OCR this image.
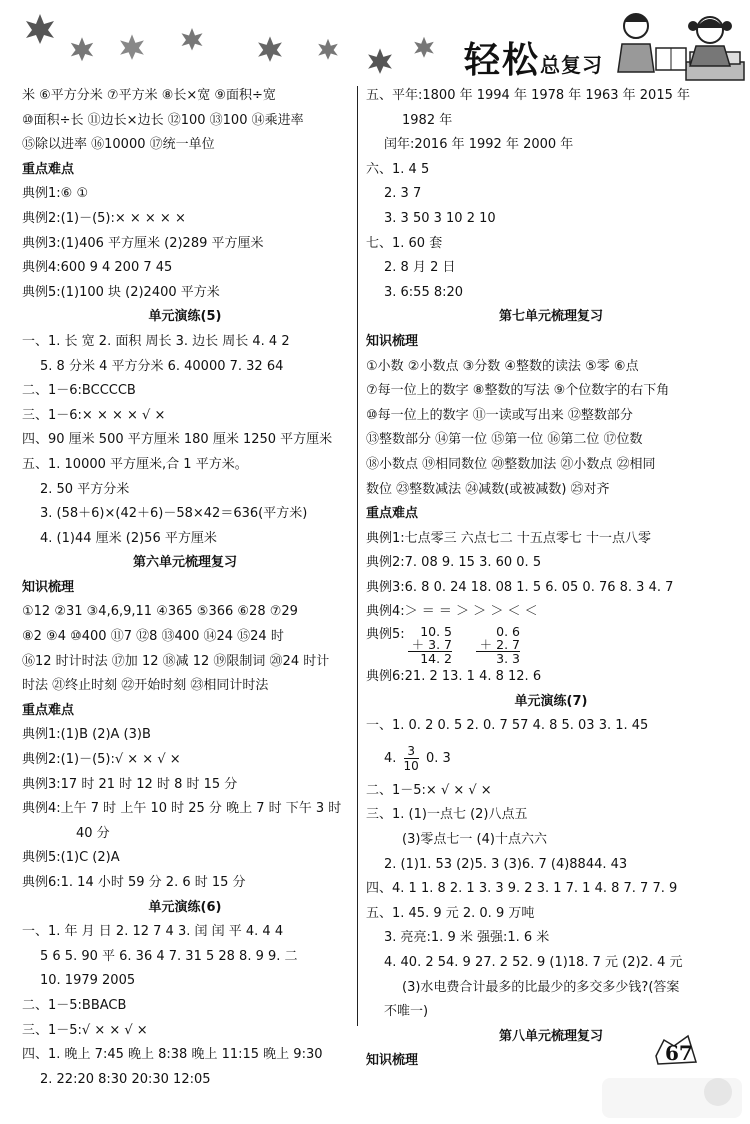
轻松总复习
米 ⑥平方分米 ⑦平方米 ⑧长×宽 ⑨面积÷宽
⑩面积÷长 ⑪边长×边长 ⑫100 ⑬100 ⑭乘进率
⑮除以进率 ⑯10000 ⑰统一单位
重点难点
典例1:⑥ ①
典例2:(1)－(5):× × × × ×
典例3:(1)406 平方厘米 (2)289 平方厘米
典例4:600 9 4 200 7 45
典例5:(1)100 块 (2)2400 平方米
单元演练(5)
一、1. 长 宽 2. 面积 周长 3. 边长 周长 4. 4 2
5. 8 分米 4 平方分米 6. 40000 7. 32 64
二、1－6:BCCCCB
三、1－6:× × × × √ ×
四、90 厘米 500 平方厘米 180 厘米 1250 平方厘米
五、1. 10000 平方厘米,合 1 平方米。
2. 50 平方分米
3. (58＋6)×(42＋6)－58×42＝636(平方米)
4. (1)44 厘米 (2)56 平方厘米
第六单元梳理复习
知识梳理
①12 ②31 ③4,6,9,11 ④365 ⑤366 ⑥28 ⑦29
⑧2 ⑨4 ⑩400 ⑪7 ⑫8 ⑬400 ⑭24 ⑮24 时
⑯12 时计时法 ⑰加 12 ⑱减 12 ⑲限制词 ⑳24 时计
时法 ㉑终止时刻 ㉒开始时刻 ㉓相同计时法
重点难点
典例1:(1)B (2)A (3)B
典例2:(1)－(5):√ × × √ ×
典例3:17 时 21 时 12 时 8 时 15 分
典例4:上午 7 时 上午 10 时 25 分 晚上 7 时 下午 3 时
40 分
典例5:(1)C (2)A
典例6:1. 14 小时 59 分 2. 6 时 15 分
单元演练(6)
一、1. 年 月 日 2. 12 7 4 3. 闰 闰 平 4. 4 4
5 6 5. 90 平 6. 36 4 7. 31 5 28 8. 9 9. 二
10. 1979 2005
二、1－5:BBACB
三、1－5:√ × × √ ×
四、1. 晚上 7:45 晚上 8:38 晚上 11:15 晚上 9:30
2. 22:20 8:30 20:30 12:05
五、平年:1800 年 1994 年 1978 年 1963 年 2015 年
1982 年
闰年:2016 年 1992 年 2000 年
六、1. 4 5
2. 3 7
3. 3 50 3 10 2 10
七、1. 60 套
2. 8 月 2 日
3. 6:55 8:20
第七单元梳理复习
知识梳理
①小数 ②小数点 ③分数 ④整数的读法 ⑤零 ⑥点
⑦每一位上的数字 ⑧整数的写法 ⑨个位数字的右下角
⑩每一位上的数字 ⑪一读或写出来 ⑫整数部分
⑬整数部分 ⑭第一位 ⑮第一位 ⑯第二位 ⑰位数
⑱小数点 ⑲相同数位 ⑳整数加法 ㉑小数点 ㉒相同
数位 ㉓整数减法 ㉔减数(或被减数) ㉕对齐
重点难点
典例1:七点零三 六点七二 十五点零七 十一点八零
典例2:7. 08 9. 15 3. 60 0. 5
典例3:6. 8 0. 24 18. 08 1. 5 6. 05 0. 76 8. 3 4. 7
典例4:＞ ＝ ＝ ＞ ＞ ＞ ＜ ＜
典例5:	10. 5
＋ 3. 7
14. 2
0. 6
＋ 2. 7
3. 3
典例6:21. 2 13. 1 4. 8 12. 6
单元演练(7)
一、1. 0. 2 0. 5 2. 0. 7 57 4. 8 5. 03 3. 1. 45
4. $\frac{3}{10} 0$. 3
二、1－5:× √ × √ ×
三、1. (1)一点七 (2)八点五
(3)零点七一 (4)十点六六
2. (1)1. 53 (2)5. 3 (3)6. 7 (4)8844. 43
四、4. 1 1. 8 2. 1 3. 3 9. 2 3. 1 7. 1 4. 8 7. 7 7. 9
五、1. 45. 9 元 2. 0. 9 万吨
3. 亮亮:1. 9 米 强强:1. 6 米
4. 40. 2 54. 9 27. 2 52. 9 (1)18. 7 元 (2)2. 4 元
(3)水电费合计最多的比最少的多交多少钱?(答案
不唯一)
第八单元梳理复习
知识梳理	67
